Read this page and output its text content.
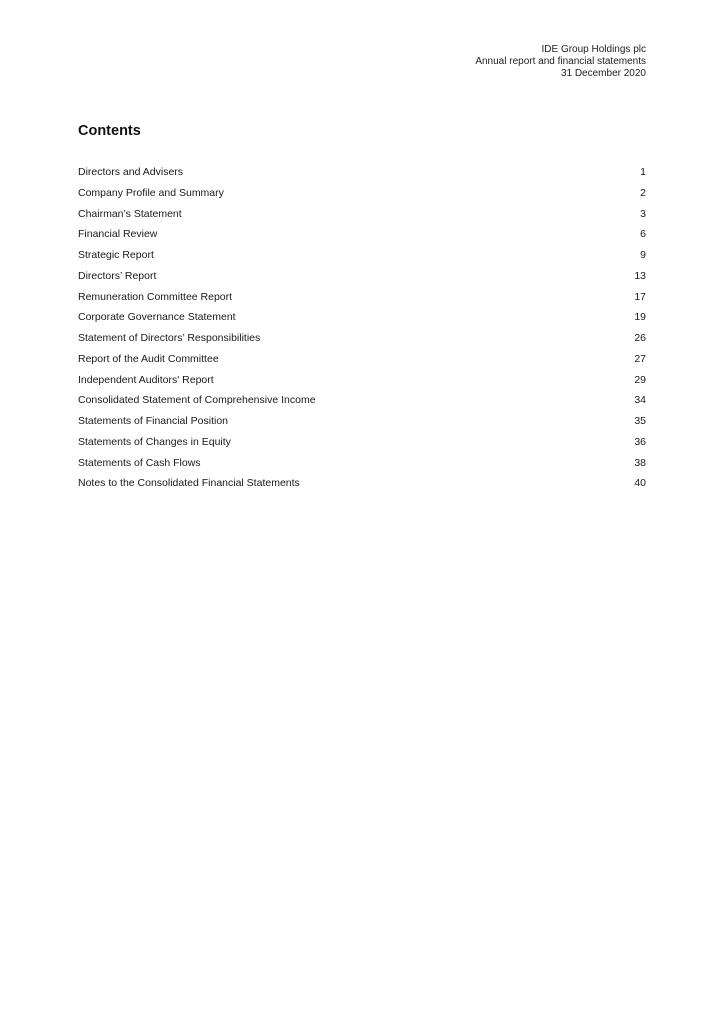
IDE Group Holdings plc
Annual report and financial statements
31 December 2020
Contents
Directors and Advisers	1
Company Profile and Summary	2
Chairman’s Statement	3
Financial Review	6
Strategic Report	9
Directors’ Report	13
Remuneration Committee Report	17
Corporate Governance Statement	19
Statement of Directors’ Responsibilities	26
Report of the Audit Committee	27
Independent Auditors' Report	29
Consolidated Statement of Comprehensive Income	34
Statements of Financial Position	35
Statements of Changes in Equity	36
Statements of Cash Flows	38
Notes to the Consolidated Financial Statements	40
